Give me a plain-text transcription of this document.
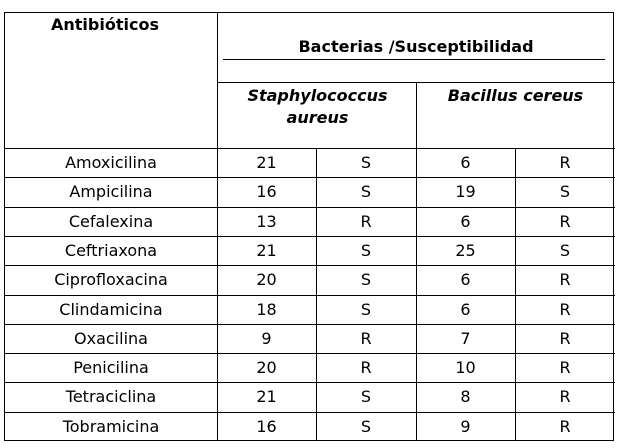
Antibióticos
Bacterias /Susceptibilidad
Staphylococcus
aureus
Bacillus cereus
Amoxicilina	21	S	6	R
Ampicilina	16	S	19	S
Cefalexina	13	R	6	R
Ceftriaxona	21	S	25	S
Ciprofloxacina	20	S	6	R
Clindamicina	18	S	6	R
Oxacilina	9	R	7	R
Penicilina	20	R	10	R
Tetraciclina	21	S	8	R
Tobramicina	16	S	9	R
